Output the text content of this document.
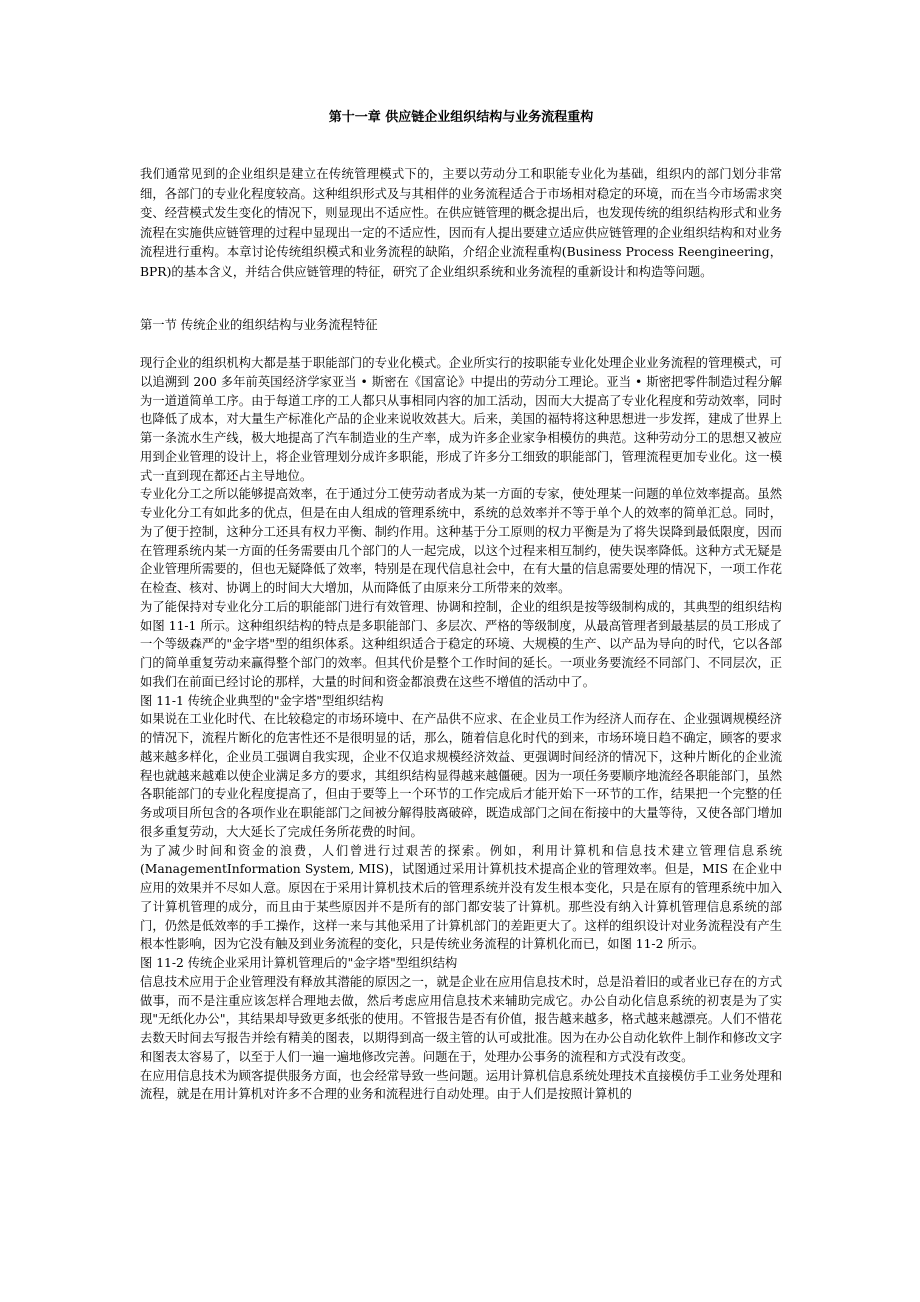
第十一章 供应链企业组织结构与业务流程重构

我们通常见到的企业组织是建立在传统管理模式下的，主要以劳动分工和职能专业化为基础，组织内的部门划分非常细，各部门的专业化程度较高。这种组织形式及与其相伴的业务流程适合于市场相对稳定的环境，而在当今市场需求突变、经营模式发生变化的情况下，则显现出不适应性。在供应链管理的概念提出后，也发现传统的组织结构形式和业务流程在实施供应链管理的过程中显现出一定的不适应性，因而有人提出要建立适应供应链管理的企业组织结构和对业务流程进行重构。本章讨论传统组织模式和业务流程的缺陷，介绍企业流程重构(Business Process Reengineering，BPR)的基本含义，并结合供应链管理的特征，研究了企业组织系统和业务流程的重新设计和构造等问题。

第一节 传统企业的组织结构与业务流程特征

现行企业的组织机构大都是基于职能部门的专业化模式。企业所实行的按职能专业化处理企业业务流程的管理模式，可以追溯到 200 多年前英国经济学家亚当 • 斯密在《国富论》中提出的劳动分工理论。亚当 • 斯密把零件制造过程分解为一道道简单工序。由于每道工序的工人都只从事相同内容的加工活动，因而大大提高了专业化程度和劳动效率，同时也降低了成本，对大量生产标准化产品的企业来说收效甚大。后来，美国的福特将这种思想进一步发挥，建成了世界上第一条流水生产线，极大地提高了汽车制造业的生产率，成为许多企业家争相模仿的典范。这种劳动分工的思想又被应用到企业管理的设计上，将企业管理划分成许多职能，形成了许多分工细致的职能部门，管理流程更加专业化。这一模式一直到现在都还占主导地位。

专业化分工之所以能够提高效率，在于通过分工使劳动者成为某一方面的专家，使处理某一问题的单位效率提高。虽然专业化分工有如此多的优点，但是在由人组成的管理系统中，系统的总效率并不等于单个人的效率的简单汇总。同时，为了便于控制，这种分工还具有权力平衡、制约作用。这种基于分工原则的权力平衡是为了将失误降到最低限度，因而在管理系统内某一方面的任务需要由几个部门的人一起完成，以这个过程来相互制约，使失误率降低。这种方式无疑是企业管理所需要的，但也无疑降低了效率，特别是在现代信息社会中，在有大量的信息需要处理的情况下，一项工作花在检查、核对、协调上的时间大大增加，从而降低了由原来分工所带来的效率。

为了能保持对专业化分工后的职能部门进行有效管理、协调和控制，企业的组织是按等级制构成的，其典型的组织结构如图 11-1 所示。这种组织结构的特点是多职能部门、多层次、严格的等级制度，从最高管理者到最基层的员工形成了一个等级森严的"金字塔"型的组织体系。这种组织适合于稳定的环境、大规模的生产、以产品为导向的时代，它以各部门的简单重复劳动来赢得整个部门的效率。但其代价是整个工作时间的延长。一项业务要流经不同部门、不同层次，正如我们在前面已经讨论的那样，大量的时间和资金都浪费在这些不增值的活动中了。

图 11-1 传统企业典型的"金字塔"型组织结构

如果说在工业化时代、在比较稳定的市场环境中、在产品供不应求、在企业员工作为经济人而存在、企业强调规模经济的情况下，流程片断化的危害性还不是很明显的话，那么，随着信息化时代的到来，市场环境日趋不确定，顾客的要求越来越多样化，企业员工强调自我实现，企业不仅追求规模经济效益、更强调时间经济的情况下，这种片断化的企业流程也就越来越难以使企业满足多方的要求，其组织结构显得越来越僵硬。因为一项任务要顺序地流经各职能部门，虽然各职能部门的专业化程度提高了，但由于要等上一个环节的工作完成后才能开始下一环节的工作，结果把一个完整的任务或项目所包含的各项作业在职能部门之间被分解得肢离破碎，既造成部门之间在衔接中的大量等待，又使各部门增加很多重复劳动，大大延长了完成任务所花费的时间。

为了减少时间和资金的浪费，人们曾进行过艰苦的探索。例如，利用计算机和信息技术建立管理信息系统(ManagementInformation System, MIS)，试图通过采用计算机技术提高企业的管理效率。但是，MIS 在企业中应用的效果并不尽如人意。原因在于采用计算机技术后的管理系统并没有发生根本变化，只是在原有的管理系统中加入了计算机管理的成分，而且由于某些原因并不是所有的部门都安装了计算机。那些没有纳入计算机管理信息系统的部门，仍然是低效率的手工操作，这样一来与其他采用了计算机部门的差距更大了。这样的组织设计对业务流程没有产生根本性影响，因为它没有触及到业务流程的变化，只是传统业务流程的计算机化而已，如图 11-2 所示。

图 11-2 传统企业采用计算机管理后的"金字塔"型组织结构

信息技术应用于企业管理没有释放其潜能的原因之一，就是企业在应用信息技术时，总是沿着旧的或者业已存在的方式做事，而不是注重应该怎样合理地去做，然后考虑应用信息技术来辅助完成它。办公自动化信息系统的初衷是为了实现"无纸化办公"，其结果却导致更多纸张的使用。不管报告是否有价值，报告越来越多，格式越来越漂亮。人们不惜花去数天时间去写报告并绘有精美的图表，以期得到高一级主管的认可或批准。因为在办公自动化软件上制作和修改文字和图表太容易了，以至于人们一遍一遍地修改完善。问题在于，处理办公事务的流程和方式没有改变。

在应用信息技术为顾客提供服务方面，也会经常导致一些问题。运用计算机信息系统处理技术直接模仿手工业务处理和流程，就是在用计算机对许多不合理的业务和流程进行自动处理。由于人们是按照计算机的
